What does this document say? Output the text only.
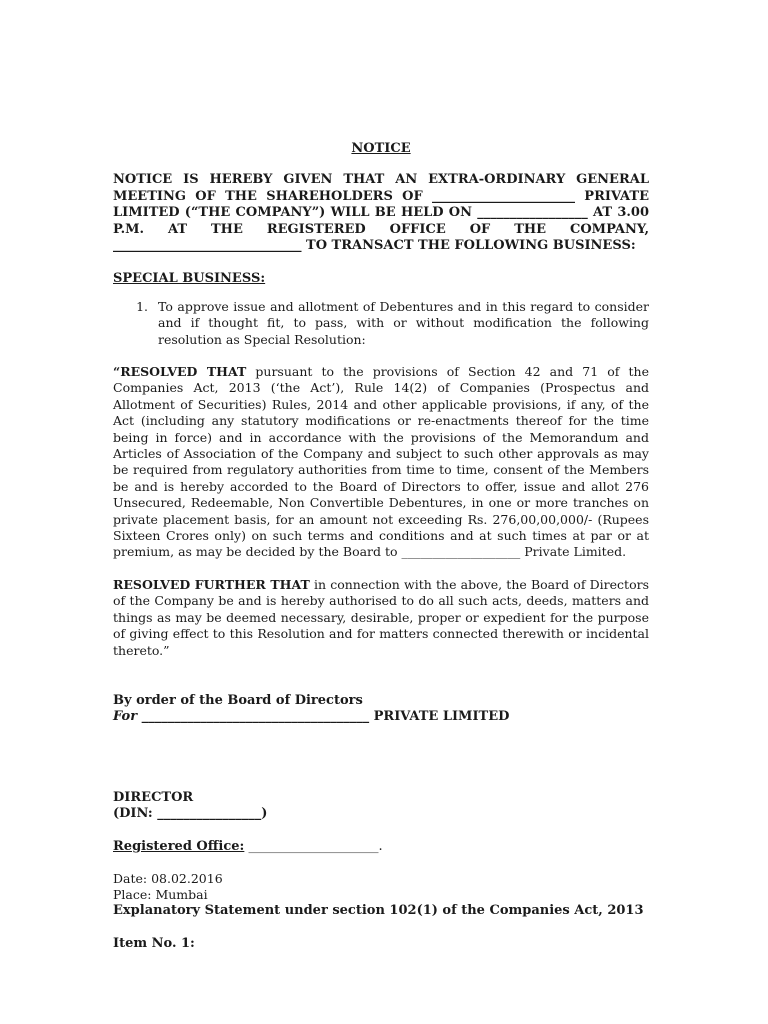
NOTICE
NOTICE IS HEREBY GIVEN THAT AN EXTRA-ORDINARY GENERAL MEETING OF THE SHAREHOLDERS OF ______________________ PRIVATE LIMITED (“THE COMPANY”) WILL BE HELD ON _________________ AT 3.00 P.M. AT THE REGISTERED OFFICE OF THE COMPANY, _____________________________ TO TRANSACT THE FOLLOWING BUSINESS:
SPECIAL BUSINESS:
1. To approve issue and allotment of Debentures and in this regard to consider and if thought fit, to pass, with or without modification the following resolution as Special Resolution:
“RESOLVED THAT pursuant to the provisions of Section 42 and 71 of the Companies Act, 2013 (‘the Act’), Rule 14(2) of Companies (Prospectus and Allotment of Securities) Rules, 2014 and other applicable provisions, if any, of the Act (including any statutory modifications or re-enactments thereof for the time being in force) and in accordance with the provisions of the Memorandum and Articles of Association of the Company and subject to such other approvals as may be required from regulatory authorities from time to time, consent of the Members be and is hereby accorded to the Board of Directors to offer, issue and allot 276 Unsecured, Redeemable, Non Convertible Debentures, in one or more tranches on private placement basis, for an amount not exceeding Rs. 276,00,00,000/- (Rupees Sixteen Crores only) on such terms and conditions and at such times at par or at premium, as may be decided by the Board to ___________________ Private Limited.
RESOLVED FURTHER THAT in connection with the above, the Board of Directors of the Company be and is hereby authorised to do all such acts, deeds, matters and things as may be deemed necessary, desirable, proper or expedient for the purpose of giving effect to this Resolution and for matters connected therewith or incidental thereto.”

By order of the Board of Directors

For ___________________________________ PRIVATE LIMITED

DIRECTOR

(DIN: ________________)

Registered Office: ____________________.

Date: 08.02.2016

Place: Mumbai

Explanatory Statement under section 102(1) of the Companies Act, 2013

Item No. 1:
